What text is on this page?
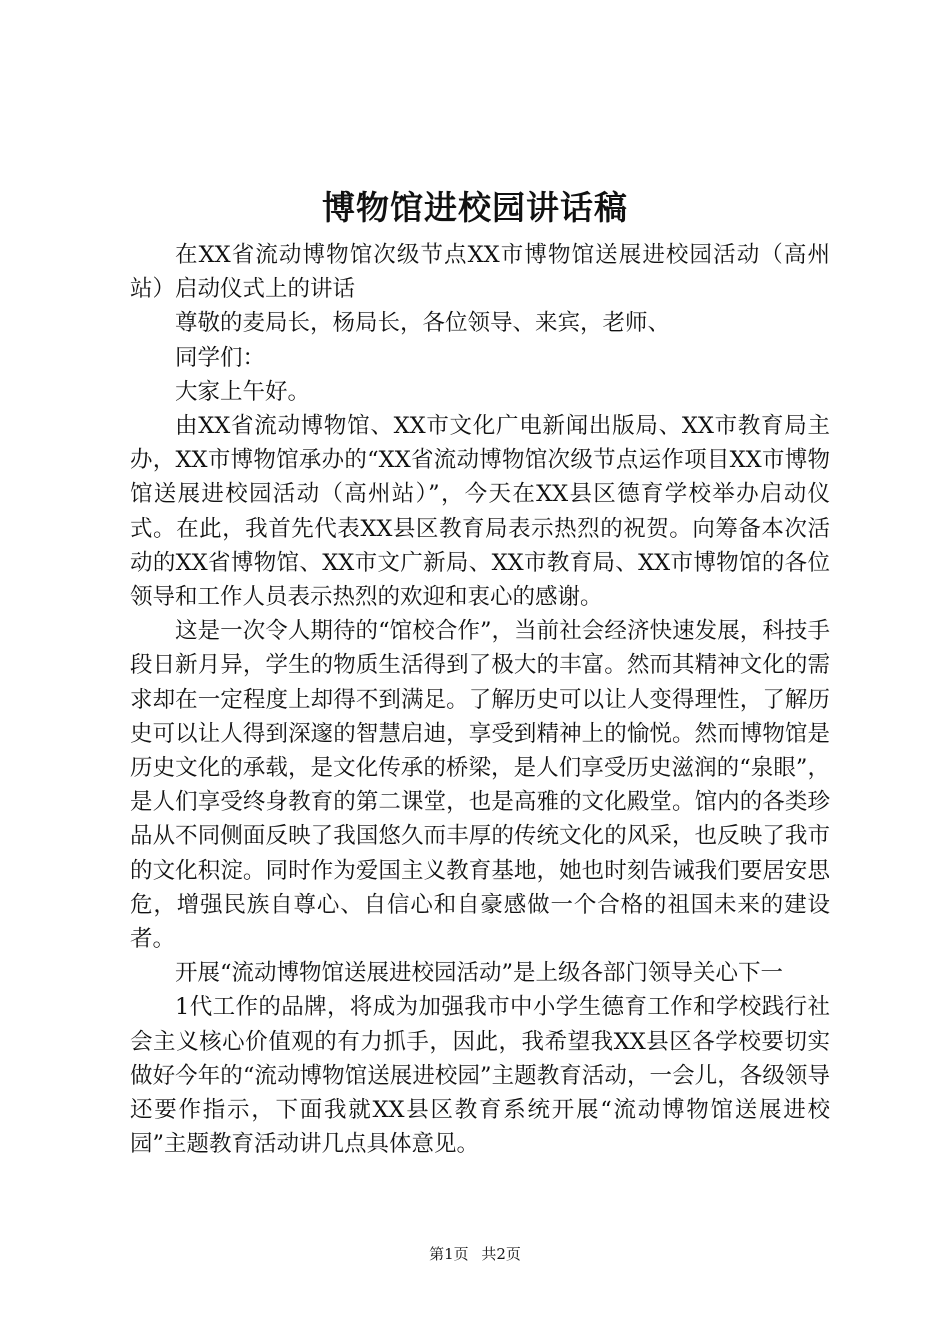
博物馆进校园讲话稿

在XX省流动博物馆次级节点XX市博物馆送展进校园活动（高州站）启动仪式上的讲话

尊敬的麦局长，杨局长，各位领导、来宾，老师、

同学们：

大家上午好。

由XX省流动博物馆、XX市文化广电新闻出版局、XX市教育局主办，XX市博物馆承办的“XX省流动博物馆次级节点运作项目XX市博物馆送展进校园活动（高州站）”，今天在XX县区德育学校举办启动仪式。在此，我首先代表XX县区教育局表示热烈的祝贺。向筹备本次活动的XX省博物馆、XX市文广新局、XX市教育局、XX市博物馆的各位领导和工作人员表示热烈的欢迎和衷心的感谢。

这是一次令人期待的“馆校合作”，当前社会经济快速发展，科技手段日新月异，学生的物质生活得到了极大的丰富。然而其精神文化的需求却在一定程度上却得不到满足。了解历史可以让人变得理性，了解历史可以让人得到深邃的智慧启迪，享受到精神上的愉悦。然而博物馆是历史文化的承载，是文化传承的桥梁，是人们享受历史滋润的“泉眼”，是人们享受终身教育的第二课堂，也是高雅的文化殿堂。馆内的各类珍品从不同侧面反映了我国悠久而丰厚的传统文化的风采，也反映了我市的文化积淀。同时作为爱国主义教育基地，她也时刻告诫我们要居安思危，增强民族自尊心、自信心和自豪感做一个合格的祖国未来的建设者。

开展“流动博物馆送展进校园活动”是上级各部门领导关心下一

1代工作的品牌，将成为加强我市中小学生德育工作和学校践行社会主义核心价值观的有力抓手，因此，我希望我XX县区各学校要切实做好今年的“流动博物馆送展进校园”主题教育活动，一会儿，各级领导还要作指示，下面我就XX县区教育系统开展“流动博物馆送展进校园”主题教育活动讲几点具体意见。

第1页 共2页
